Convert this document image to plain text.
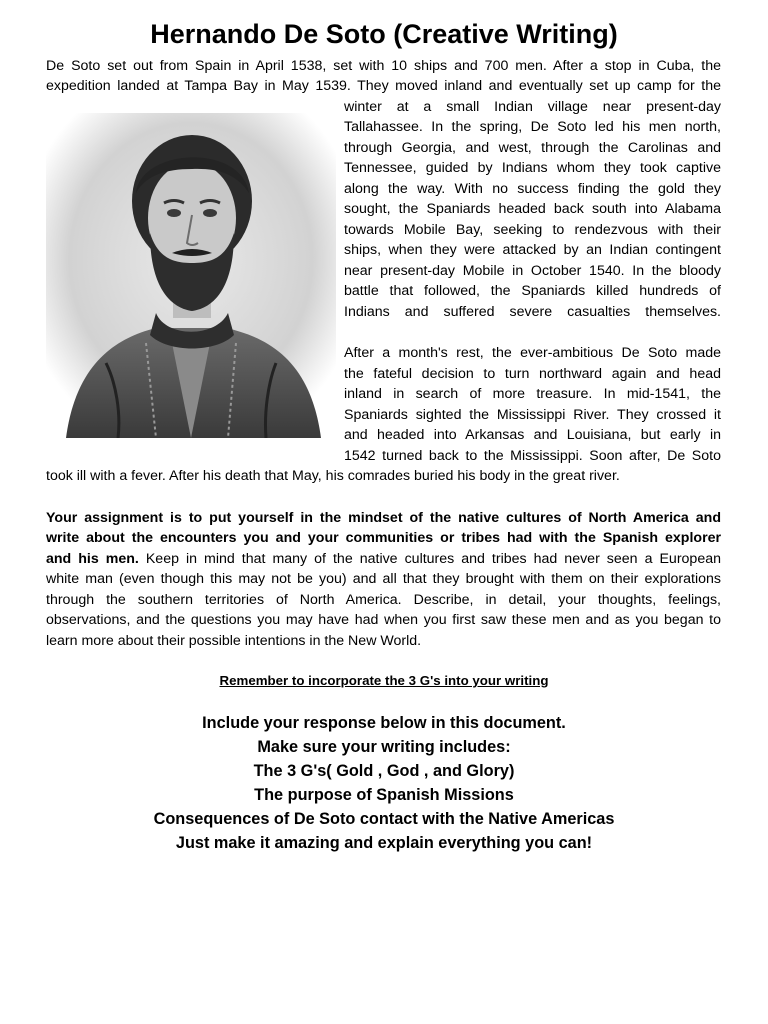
Hernando De Soto (Creative Writing)
De Soto set out from Spain in April 1538, set with 10 ships and 700 men. After a stop in Cuba, the
expedition landed at Tampa Bay in May 1539. They moved inland and eventually set up camp for the
winter at a small Indian village near present-day
Tallahassee. In the spring, De Soto led his men north,
through Georgia, and west, through the Carolinas and
Tennessee, guided by Indians whom they took captive
along the way. With no success finding the gold they
sought, the Spaniards headed back south into Alabama
towards Mobile Bay, seeking to rendezvous with their
ships, when they were attacked by an Indian contingent
near present-day Mobile in October 1540. In the bloody
battle that followed, the Spaniards killed hundreds of
Indians and suffered severe casualties themselves.
After a month's rest, the ever-ambitious De Soto made
the fateful decision to turn northward again and head
inland in search of more treasure. In mid-1541, the
Spaniards sighted the Mississippi River. They crossed it
and headed into Arkansas and Louisiana, but early in
1542 turned back to the Mississippi. Soon after, De Soto
took ill with a fever. After his death that May, his comrades buried his body in the great river.
Your assignment is to put yourself in the mindset of the native cultures of North America and
write about the encounters you and your communities or tribes had with the Spanish explorer
and his men. Keep in mind that many of the native cultures and tribes had never seen a European
white man (even though this may not be you) and all that they brought with them on their explorations
through the southern territories of North America. Describe, in detail, your thoughts, feelings,
observations, and the questions you may have had when you first saw these men and as you began to
learn more about their possible intentions in the New World.
Remember to incorporate the 3 G's into your writing
Include your response below in this document.
Make sure your writing includes:
The 3 G's( Gold , God , and Glory)
The purpose of Spanish Missions
Consequences of De Soto contact with the Native Americas
Just make it amazing and explain everything you can!
